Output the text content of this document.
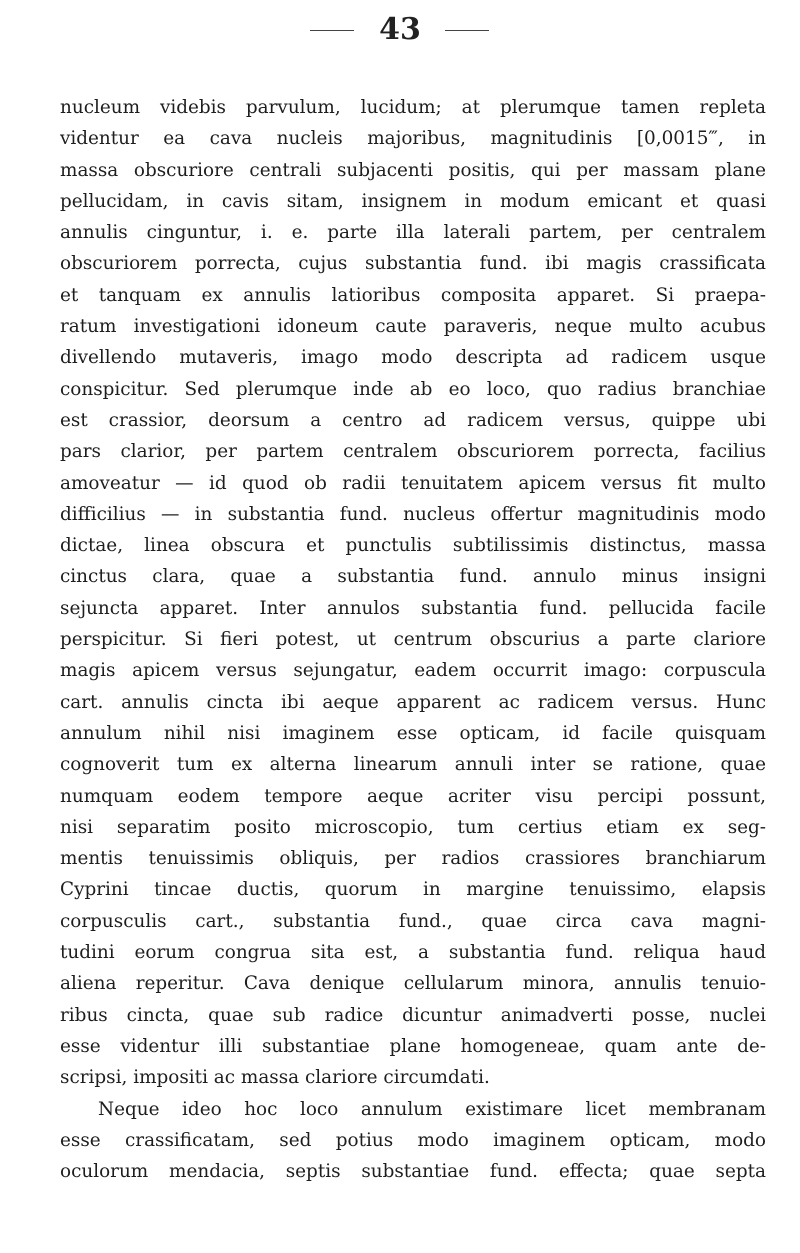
43
nucleum videbis parvulum, lucidum; at plerumque tamen repleta
videntur ea cava nucleis majoribus, magnitudinis [0,0015‴, in
massa obscuriore centrali subjacenti positis, qui per massam plane
pellucidam, in cavis sitam, insignem in modum emicant et quasi
annulis cinguntur, i. e. parte illa laterali partem, per centralem
obscuriorem porrecta, cujus substantia fund. ibi magis crassificata
et tanquam ex annulis latioribus composita apparet. Si praepa-
ratum investigationi idoneum caute paraveris, neque multo acubus
divellendo mutaveris, imago modo descripta ad radicem usque
conspicitur. Sed plerumque inde ab eo loco, quo radius branchiae
est crassior, deorsum a centro ad radicem versus, quippe ubi
pars clarior, per partem centralem obscuriorem porrecta, facilius
amoveatur — id quod ob radii tenuitatem apicem versus fit multo
difficilius — in substantia fund. nucleus offertur magnitudinis modo
dictae, linea obscura et punctulis subtilissimis distinctus, massa
cinctus clara, quae a substantia fund. annulo minus insigni
sejuncta apparet. Inter annulos substantia fund. pellucida facile
perspicitur. Si fieri potest, ut centrum obscurius a parte clariore
magis apicem versus sejungatur, eadem occurrit imago: corpuscula
cart. annulis cincta ibi aeque apparent ac radicem versus. Hunc
annulum nihil nisi imaginem esse opticam, id facile quisquam
cognoverit tum ex alterna linearum annuli inter se ratione, quae
numquam eodem tempore aeque acriter visu percipi possunt,
nisi separatim posito microscopio, tum certius etiam ex seg-
mentis tenuissimis obliquis, per radios crassiores branchiarum
Cyprini tincae ductis, quorum in margine tenuissimo, elapsis
corpusculis cart., substantia fund., quae circa cava magni-
tudini eorum congrua sita est, a substantia fund. reliqua haud
aliena reperitur. Cava denique cellularum minora, annulis tenuio-
ribus cincta, quae sub radice dicuntur animadverti posse, nuclei
esse videntur illi substantiae plane homogeneae, quam ante de-
scripsi, impositi ac massa clariore circumdati.
Neque ideo hoc loco annulum existimare licet membranam
esse crassificatam, sed potius modo imaginem opticam, modo
oculorum mendacia, septis substantiae fund. effecta; quae septa
